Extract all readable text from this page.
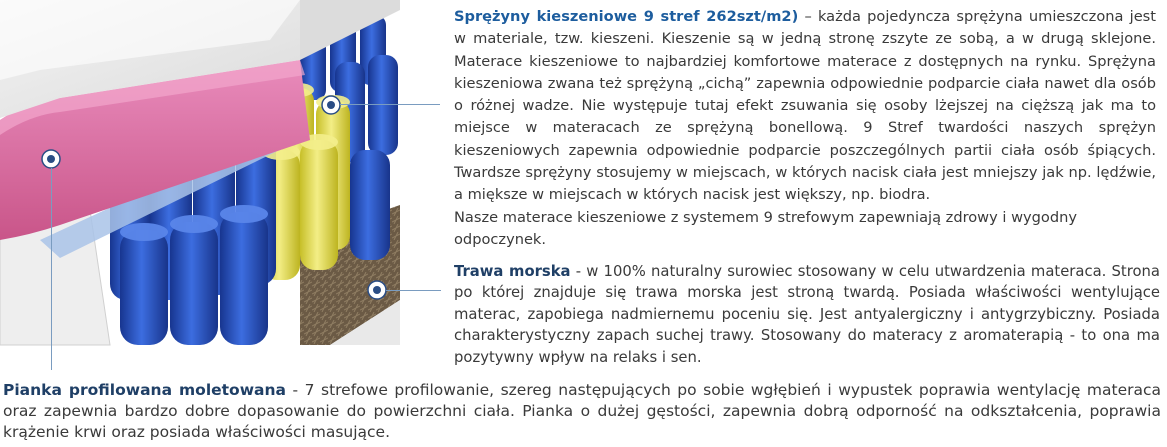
Sprężyny kieszeniowe 9 stref 262szt/m2) – każda pojedyncza sprężyna umieszczona jest w materiale, tzw. kieszeni. Kieszenie są w jedną stronę zszyte ze sobą, a w drugą sklejone. Materace kieszeniowe to najbardziej komfortowe materace z dostępnych na rynku. Sprężyna kieszeniowa zwana też sprężyną „cichą” zapewnia odpowiednie podparcie ciała nawet dla osób o różnej wadze. Nie występuje tutaj efekt zsuwania się osoby lżejszej na cięższą jak ma to miejsce w materacach ze sprężyną bonellową. 9 Stref twardości naszych sprężyn kieszeniowych zapewnia odpowiednie podparcie poszczególnych partii ciała osób śpiących. Twardsze sprężyny stosujemy w miejscach, w których nacisk ciała jest mniejszy jak np. lędźwie, a miększe w miejscach w których nacisk jest większy, np. biodra.
Nasze materace kieszeniowe z systemem 9 strefowym zapewniają zdrowy i wygodny odpoczynek.
Trawa morska - w 100% naturalny surowiec stosowany w celu utwardzenia materaca. Strona po której znajduje się trawa morska jest stroną twardą. Posiada właściwości wentylujące materac, zapobiega nadmiernemu poceniu się. Jest antyalergiczny i antygrzybiczny. Posiada charakterystyczny zapach suchej trawy. Stosowany do materacy z aromaterapią - to ona ma pozytywny wpływ na relaks i sen.
Pianka profilowana moletowana - 7 strefowe profilowanie, szereg następujących po sobie wgłębień i wypustek poprawia wentylację materaca oraz zapewnia bardzo dobre dopasowanie do powierzchni ciała. Pianka o dużej gęstości, zapewnia dobrą odporność na odkształcenia, poprawia krążenie krwi oraz posiada właściwości masujące.
